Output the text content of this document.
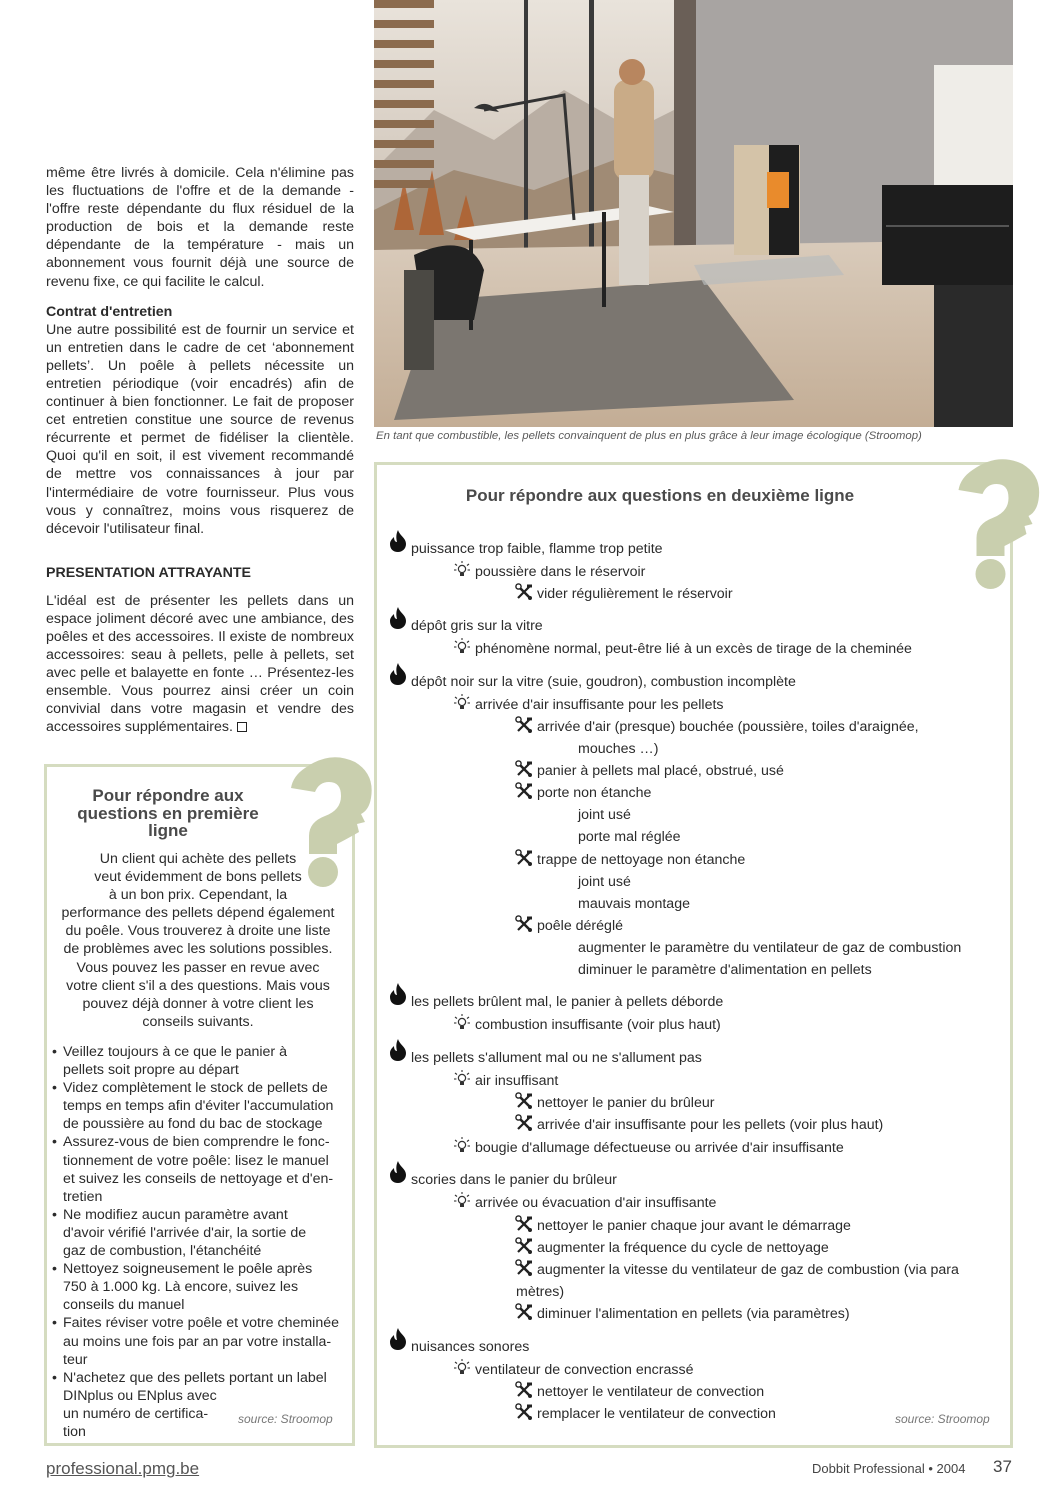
même être livrés à domicile. Cela n'élimine pas les fluctuations de l'offre et de la demande - l'offre reste dépendante du flux résiduel de la production de bois et la demande reste dépendante de la température - mais un abonnement vous fournit déjà une source de revenu fixe, ce qui facilite le calcul.

Contrat d'entretien

Une autre possibilité est de fournir un service et un entretien dans le cadre de cet ‘abonnement pellets’. Un poêle à pellets nécessite un entretien périodique (voir encadrés) afin de continuer à bien fonctionner. Le fait de proposer cet entretien constitue une source de revenus récurrente et permet de fidéliser la clientèle. Quoi qu'il en soit, il est vivement recommandé de mettre vos connaissances à jour par l'intermédiaire de votre fournisseur. Plus vous vous y connaîtrez, moins vous risquerez de décevoir l'utilisateur final.

PRESENTATION ATTRAYANTE

L'idéal est de présenter les pellets dans un espace joliment décoré avec une ambiance, des poêles et des accessoires. Il existe de nombreux accessoires: seau à pellets, pelle à pellets, set avec pelle et balayette en fonte … Présentez-les ensemble. Vous pourrez ainsi créer un coin convivial dans votre magasin et vendre des accessoires supplémentaires.

En tant que combustible, les pellets convainquent de plus en plus grâce à leur image écologique (Stroomop)
Pour répondre aux
questions en première
ligne
Un client qui achète des pellets
veut évidemment de bons pellets
à un bon prix. Cependant, la
performance des pellets dépend également
du poêle. Vous trouverez à droite une liste
de problèmes avec les solutions possibles.
Vous pouvez les passer en revue avec
votre client s'il a des questions. Mais vous
pouvez déjà donner à votre client les
conseils suivants.
• Veillez toujours à ce que le panier à
pellets soit propre au départ
• Videz complètement le stock de pellets de
temps en temps afin d'éviter l'accumulation
de poussière au fond du bac de stockage
• Assurez-vous de bien comprendre le fonc-
tionnement de votre poêle: lisez le manuel
et suivez les conseils de nettoyage et d'en-
tretien
• Ne modifiez aucun paramètre avant
d'avoir vérifié l'arrivée d'air, la sortie de
gaz de combustion, l'étanchéité
• Nettoyez soigneusement le poêle après
750 à 1.000 kg. Là encore, suivez les
conseils du manuel
• Faites réviser votre poêle et votre cheminée
au moins une fois par an par votre installa-
teur
• N'achetez que des pellets portant un label
DINplus ou ENplus avec
un numéro de certifica-
tion
source: Stroomop
Pour répondre aux questions en deuxième ligne
puissance trop faible, flamme trop petite
poussière dans le réservoir
vider régulièrement le réservoir
dépôt gris sur la vitre
phénomène normal, peut-être lié à un excès de tirage de la cheminée
dépôt noir sur la vitre (suie, goudron), combustion incomplète
arrivée d'air insuffisante pour les pellets
arrivée d'air (presque) bouchée (poussière, toiles d'araignée,
mouches …)
panier à pellets mal placé, obstrué, usé
porte non étanche
joint usé
porte mal réglée
trappe de nettoyage non étanche
joint usé
mauvais montage
poêle déréglé
augmenter le paramètre du ventilateur de gaz de combustion
diminuer le paramètre d'alimentation en pellets
les pellets brûlent mal, le panier à pellets déborde
combustion insuffisante (voir plus haut)
les pellets s'allument mal ou ne s'allument pas
air insuffisant
nettoyer le panier du brûleur
arrivée d'air insuffisante pour les pellets (voir plus haut)
bougie d'allumage défectueuse ou arrivée d'air insuffisante
scories dans le panier du brûleur
arrivée ou évacuation d'air insuffisante
nettoyer le panier chaque jour avant le démarrage
augmenter la fréquence du cycle de nettoyage
augmenter la vitesse du ventilateur de gaz de combustion (via para
mètres)
diminuer l'alimentation en pellets (via paramètres)
nuisances sonores
ventilateur de convection encrassé
nettoyer le ventilateur de convection
remplacer le ventilateur de convection	source: Stroomop
professional.pmg.be	Dobbit Professional • 2004 37
